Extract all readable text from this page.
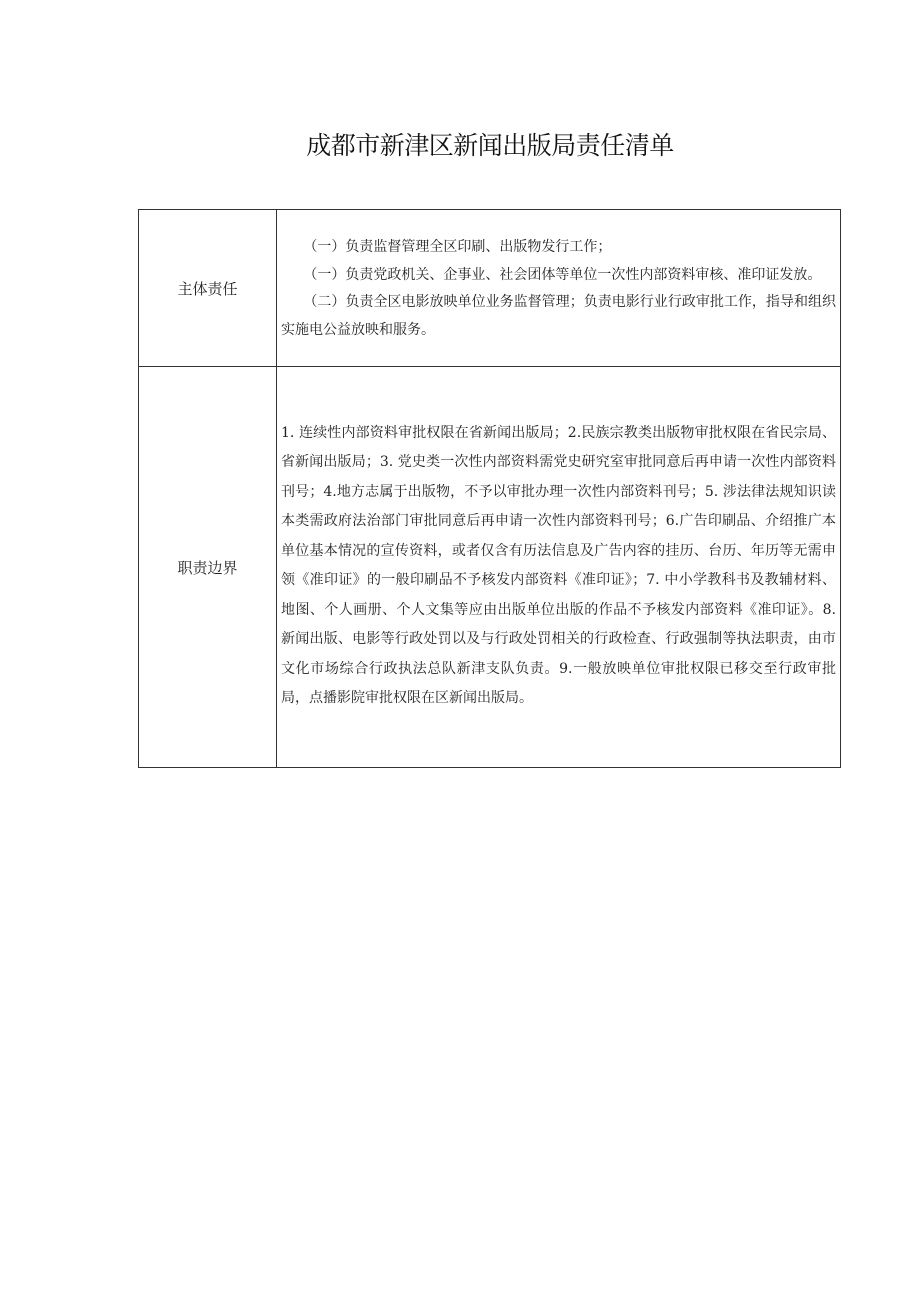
成都市新津区新闻出版局责任清单
主体责任	（一）负责监督管理全区印刷、出版物发行工作；
（一）负责党政机关、企事业、社会团体等单位一次性内部资料审核、准印证发放。
（二）负责全区电影放映单位业务监督管理；负责电影行业行政审批工作，指导和组织实施电公益放映和服务。

职责边界	1. 连续性内部资料审批权限在省新闻出版局；2.民族宗教类出版物审批权限在省民宗局、省新闻出版局；3. 党史类一次性内部资料需党史研究室审批同意后再申请一次性内部资料刊号；4.地方志属于出版物，不予以审批办理一次性内部资料刊号；5. 涉法律法规知识读本类需政府法治部门审批同意后再申请一次性内部资料刊号；6.广告印刷品、介绍推广本单位基本情况的宣传资料，或者仅含有历法信息及广告内容的挂历、台历、年历等无需申领《准印证》的一般印刷品不予核发内部资料《准印证》；7. 中小学教科书及教辅材料、地图、个人画册、个人文集等应由出版单位出版的作品不予核发内部资料《准印证》。8. 新闻出版、电影等行政处罚以及与行政处罚相关的行政检查、行政强制等执法职责，由市文化市场综合行政执法总队新津支队负责。9.一般放映单位审批权限已移交至行政审批局，点播影院审批权限在区新闻出版局。
